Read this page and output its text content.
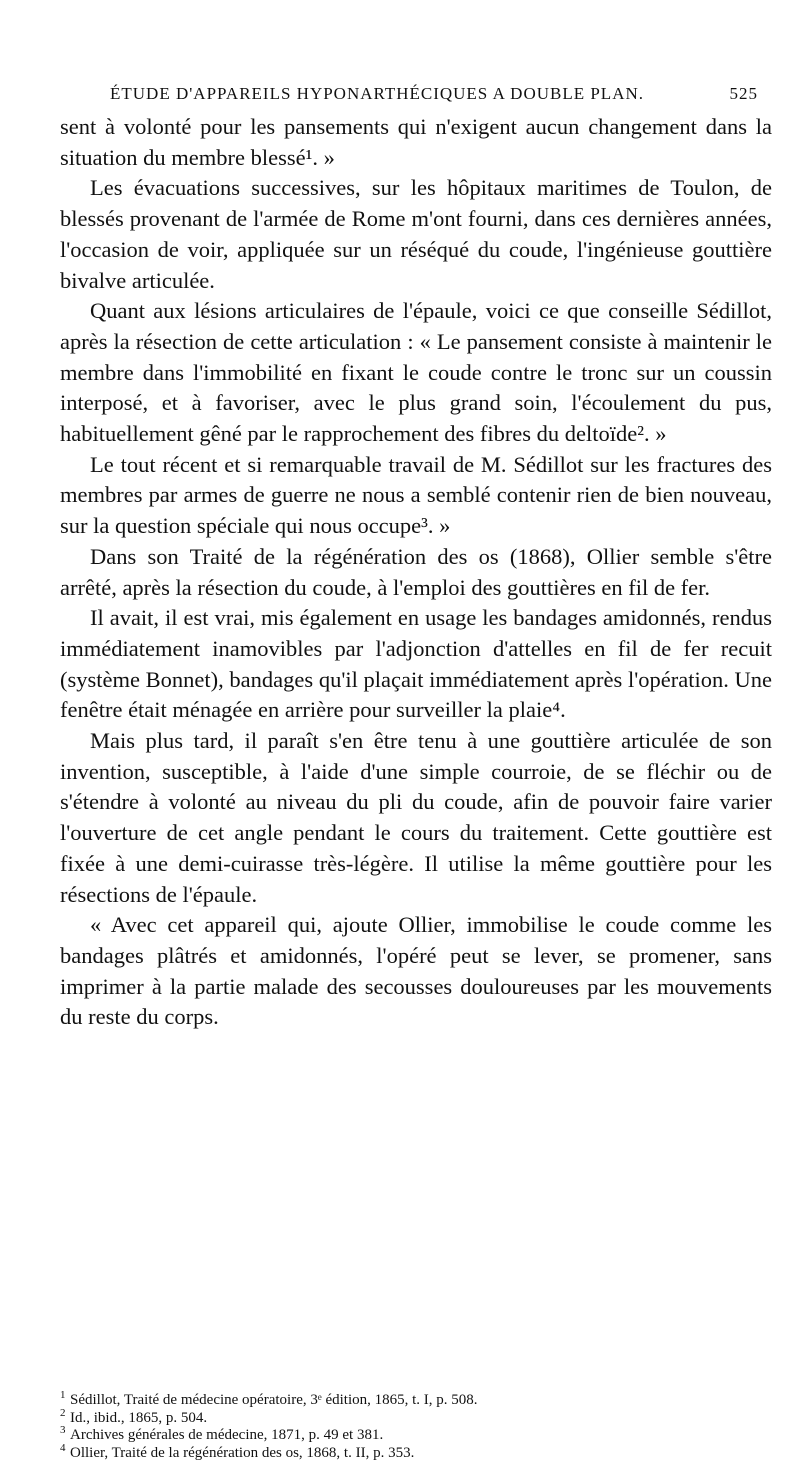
ÉTUDE D'APPAREILS HYPONARTHÉCIQUES A DOUBLE PLAN.	525

sent à volonté pour les pansements qui n'exigent aucun changement dans la situation du membre blessé¹. »

Les évacuations successives, sur les hôpitaux maritimes de Toulon, de blessés provenant de l'armée de Rome m'ont fourni, dans ces dernières années, l'occasion de voir, appliquée sur un réséqué du coude, l'ingénieuse gouttière bivalve articulée.

Quant aux lésions articulaires de l'épaule, voici ce que conseille Sédillot, après la résection de cette articulation : « Le pansement consiste à maintenir le membre dans l'immobilité en fixant le coude contre le tronc sur un coussin interposé, et à favoriser, avec le plus grand soin, l'écoulement du pus, habituellement gêné par le rapprochement des fibres du deltoïde². »

Le tout récent et si remarquable travail de M. Sédillot sur les fractures des membres par armes de guerre ne nous a semblé contenir rien de bien nouveau, sur la question spéciale qui nous occupe³. »

Dans son Traité de la régénération des os (1868), Ollier semble s'être arrêté, après la résection du coude, à l'emploi des gouttières en fil de fer.

Il avait, il est vrai, mis également en usage les bandages amidonnés, rendus immédiatement inamovibles par l'adjonction d'attelles en fil de fer recuit (système Bonnet), bandages qu'il plaçait immédiatement après l'opération. Une fenêtre était ménagée en arrière pour surveiller la plaie⁴.

Mais plus tard, il paraît s'en être tenu à une gouttière articulée de son invention, susceptible, à l'aide d'une simple courroie, de se fléchir ou de s'étendre à volonté au niveau du pli du coude, afin de pouvoir faire varier l'ouverture de cet angle pendant le cours du traitement. Cette gouttière est fixée à une demi-cuirasse très-légère. Il utilise la même gouttière pour les résections de l'épaule.

« Avec cet appareil qui, ajoute Ollier, immobilise le coude comme les bandages plâtrés et amidonnés, l'opéré peut se lever, se promener, sans imprimer à la partie malade des secousses douloureuses par les mouvements du reste du corps.

1 Sédillot, Traité de médecine opératoire, 3ᵉ édition, 1865, t. I, p. 508.

2 Id., ibid., 1865, p. 504.

3 Archives générales de médecine, 1871, p. 49 et 381.

4 Ollier, Traité de la régénération des os, 1868, t. II, p. 353.
